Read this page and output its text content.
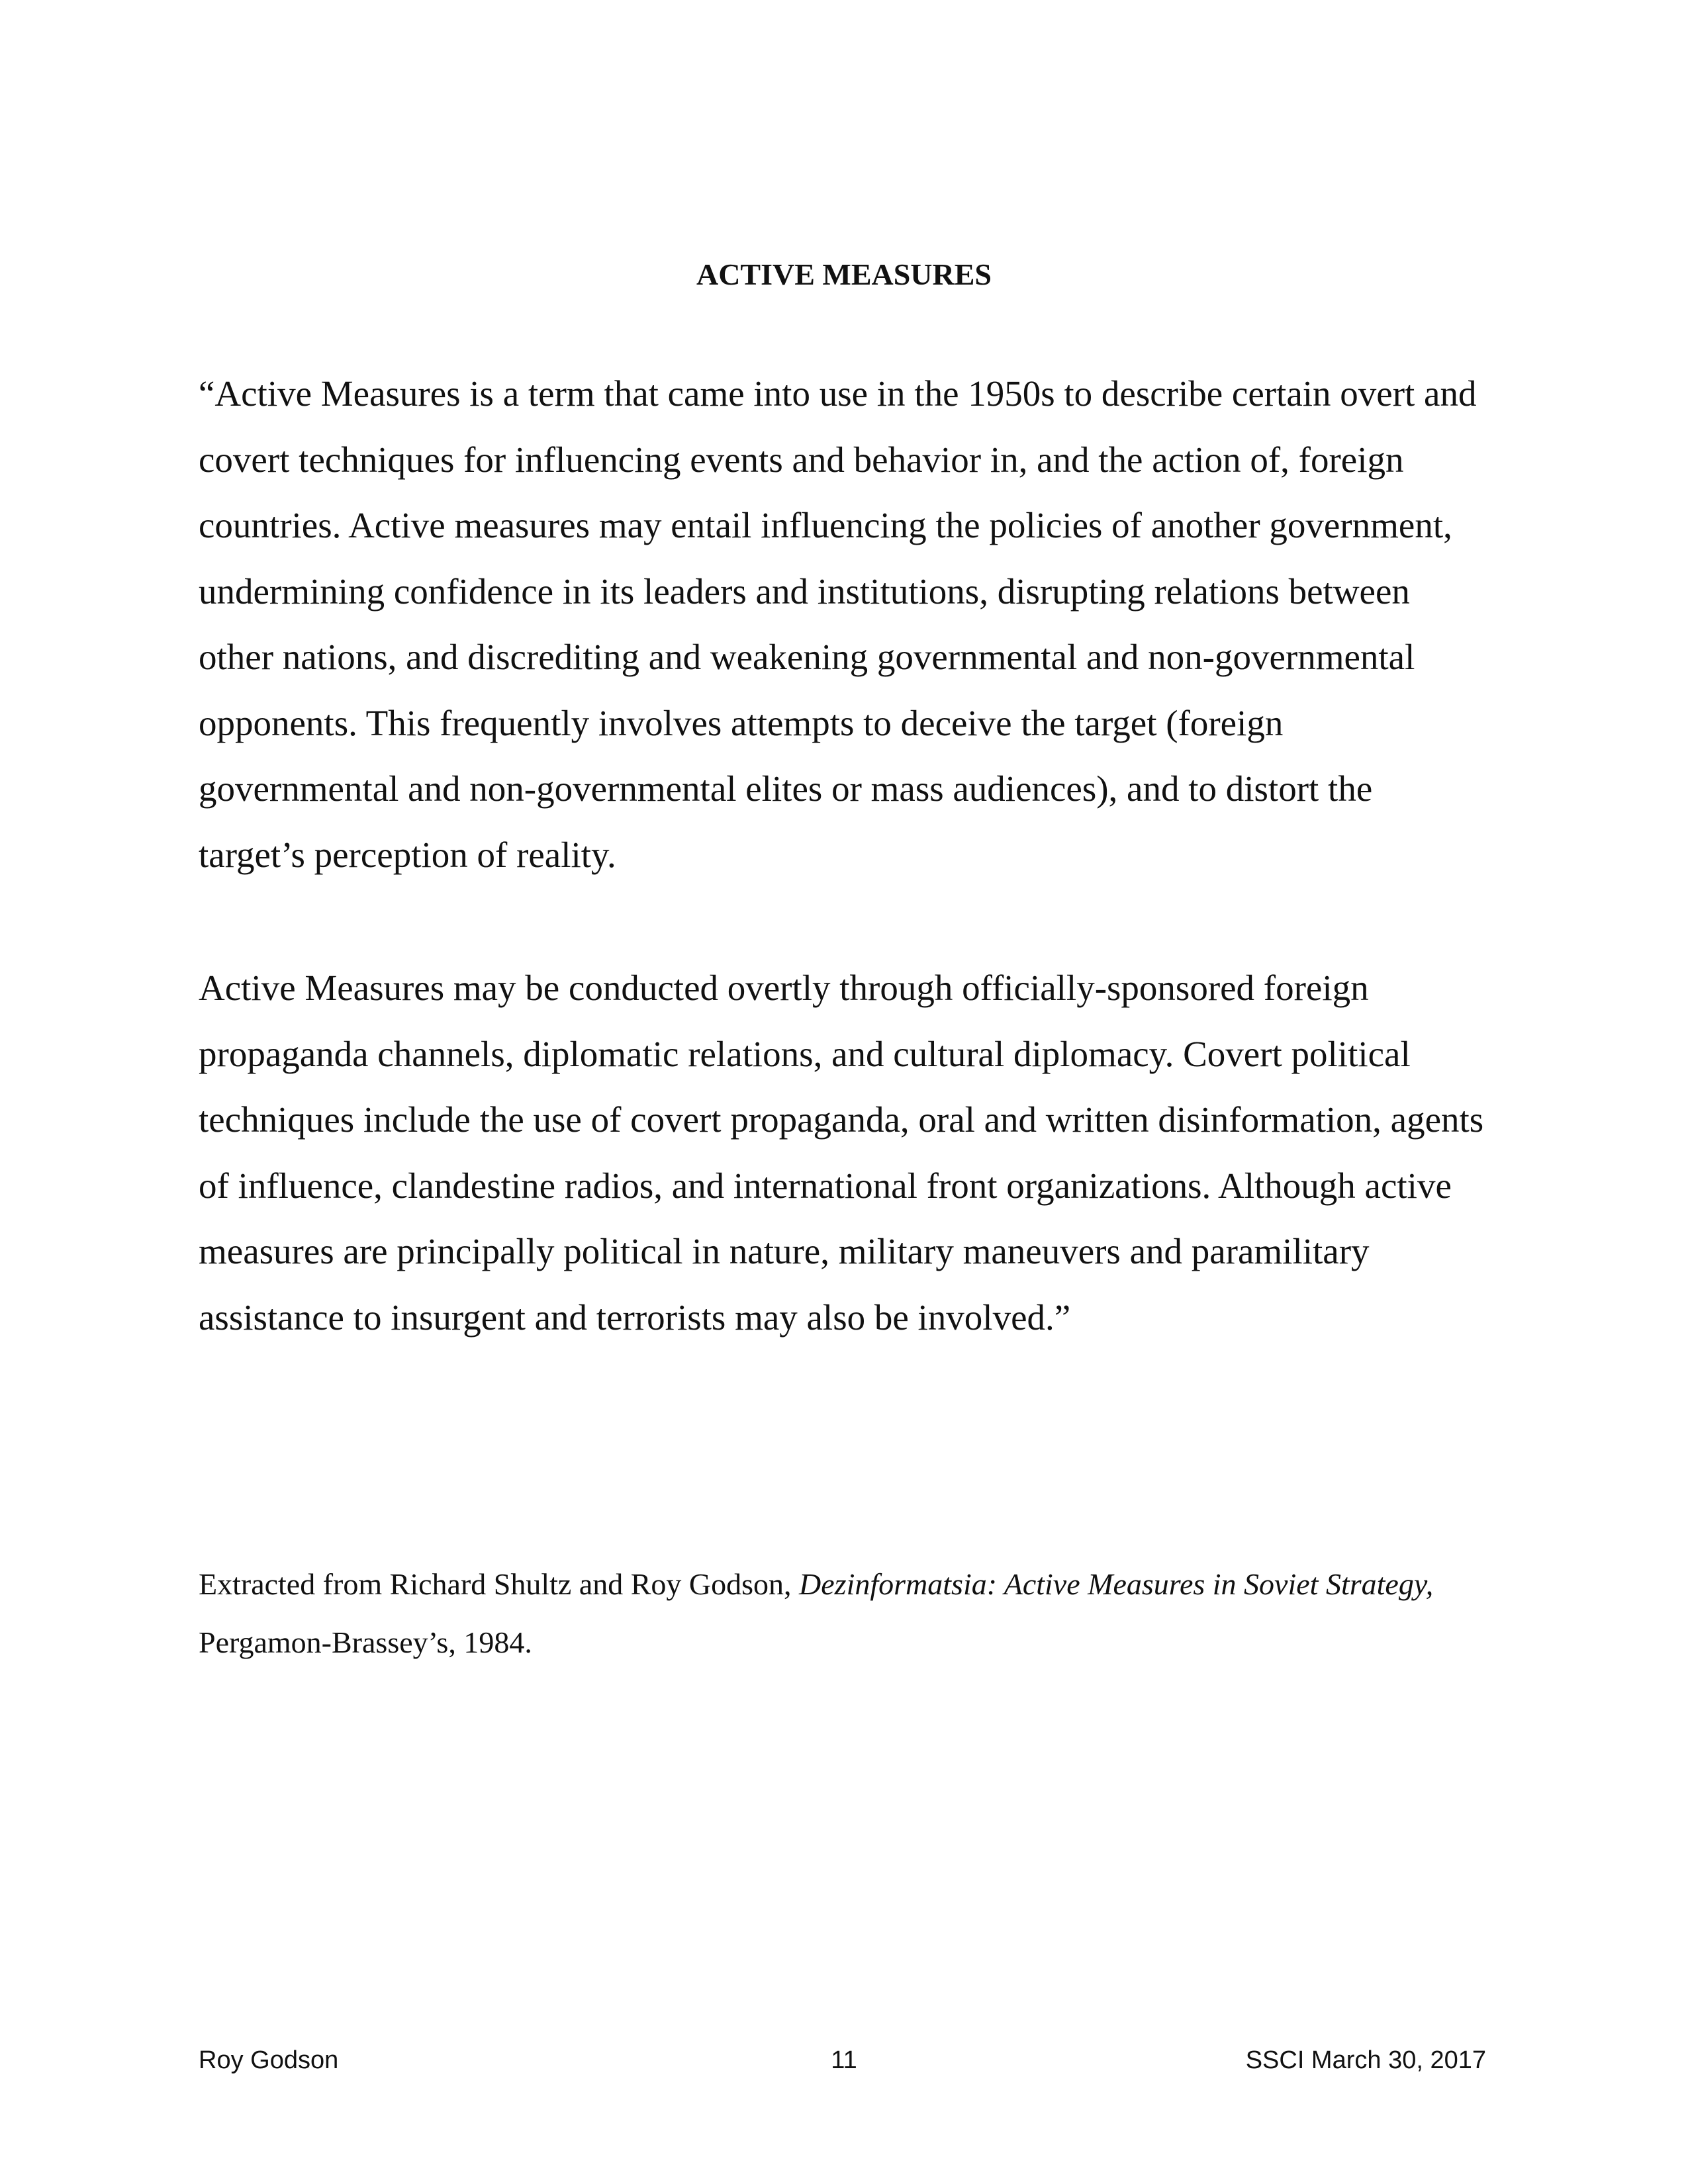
ACTIVE MEASURES

“Active Measures is a term that came into use in the 1950s to describe certain overt and covert techniques for influencing events and behavior in, and the action of, foreign countries. Active measures may entail influencing the policies of another government, undermining confidence in its leaders and institutions, disrupting relations between other nations, and discrediting and weakening governmental and non-governmental opponents. This frequently involves attempts to deceive the target (foreign governmental and non-governmental elites or mass audiences), and to distort the target’s perception of reality.

Active Measures may be conducted overtly through officially-sponsored foreign propaganda channels, diplomatic relations, and cultural diplomacy. Covert political techniques include the use of covert propaganda, oral and written disinformation, agents of influence, clandestine radios, and international front organizations. Although active measures are principally political in nature, military maneuvers and paramilitary assistance to insurgent and terrorists may also be involved.”

Extracted from Richard Shultz and Roy Godson, Dezinformatsia: Active Measures in Soviet Strategy, Pergamon-Brassey’s, 1984.

Roy Godson	11	SSCI March 30, 2017
